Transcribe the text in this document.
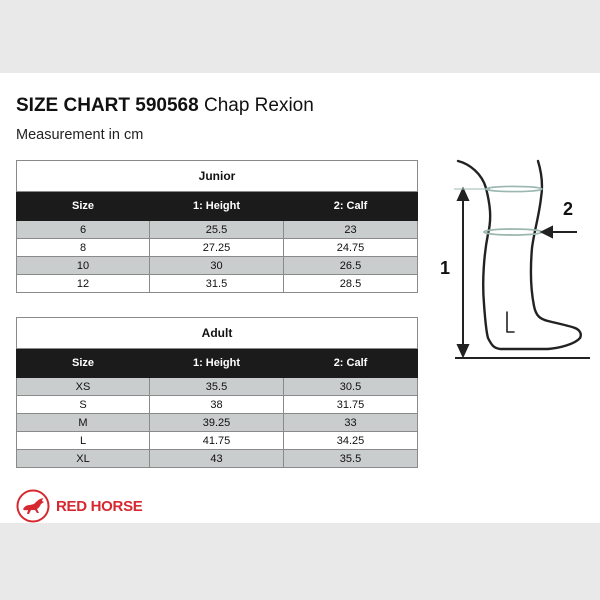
SIZE CHART 590568 Chap Rexion
Measurement in cm
Junior		
Size	1: Height	2: Calf
6	25.5	23
8	27.25	24.75
10	30	26.5
12	31.5	28.5
Adult		
Size	1: Height	2: Calf
XS	35.5	30.5
S	38	31.75
M	39.25	33
L	41.75	34.25
XL	43	35.5
1
2
RED HORSE
